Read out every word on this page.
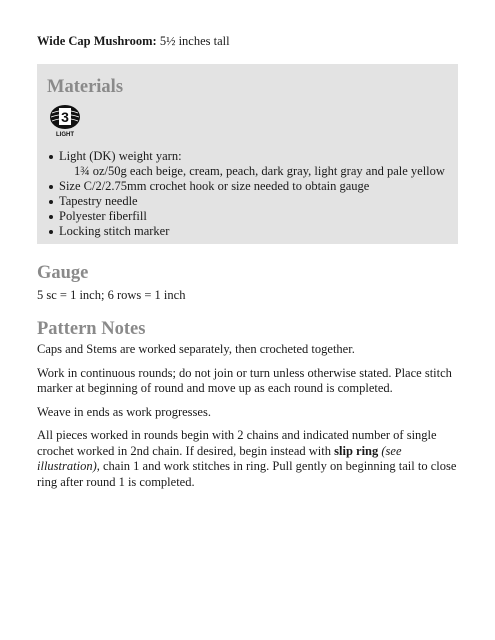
Wide Cap Mushroom: 5½ inches tall
Materials
3
LIGHT
Light (DK) weight yarn:
1¾ oz/50g each beige, cream, peach, dark gray, light gray and pale yellow
Size C/2/2.75mm crochet hook or size needed to obtain gauge
Tapestry needle
Polyester fiberfill
Locking stitch marker
Gauge

5 sc = 1 inch; 6 rows = 1 inch

Pattern Notes

Caps and Stems are worked separately, then crocheted together.

Work in continuous rounds; do not join or turn unless otherwise stated. Place stitch marker at beginning of round and move up as each round is completed.

Weave in ends as work progresses.

All pieces worked in rounds begin with 2 chains and indicated number of single crochet worked in 2nd chain. If desired, begin instead with slip ring (see illustration), chain 1 and work stitches in ring. Pull gently on beginning tail to close ring after round 1 is completed.
